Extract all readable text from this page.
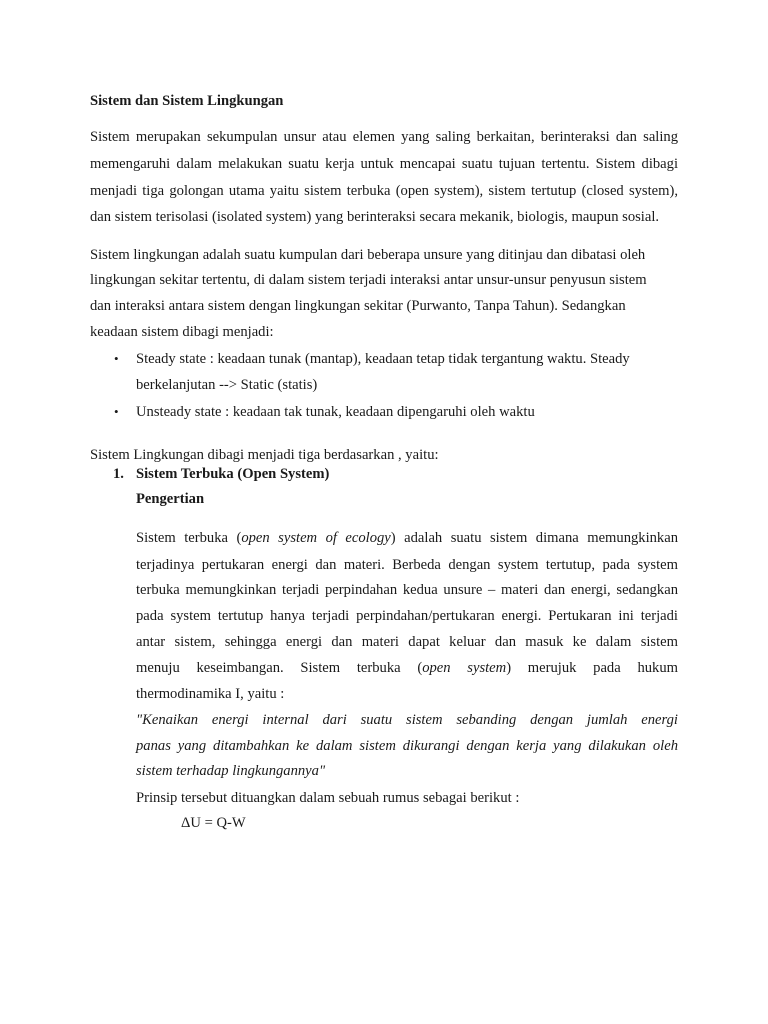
Sistem dan Sistem Lingkungan
Sistem merupakan sekumpulan unsur atau elemen yang saling berkaitan, berinteraksi dan saling
memengaruhi dalam melakukan suatu kerja untuk mencapai suatu tujuan tertentu. Sistem dibagi
menjadi tiga golongan utama yaitu sistem terbuka (open system), sistem tertutup (closed system),
dan sistem terisolasi (isolated system) yang berinteraksi secara mekanik, biologis, maupun sosial.
Sistem lingkungan adalah suatu kumpulan dari beberapa unsure yang ditinjau dan dibatasi oleh
lingkungan sekitar tertentu, di dalam sistem terjadi interaksi antar unsur-unsur penyusun sistem
dan interaksi antara sistem dengan lingkungan sekitar (Purwanto, Tanpa Tahun). Sedangkan
keadaan sistem dibagi menjadi:
• Steady state : keadaan tunak (mantap), keadaan tetap tidak tergantung waktu. Steady
berkelanjutan --> Static (statis)
• Unsteady state : keadaan tak tunak, keadaan dipengaruhi oleh waktu
Sistem Lingkungan dibagi menjadi tiga berdasarkan , yaitu:
1. Sistem Terbuka (Open System)
Pengertian
Sistem terbuka (open system of ecology) adalah suatu sistem dimana memungkinkan
terjadinya pertukaran energi dan materi. Berbeda dengan system tertutup, pada system
terbuka memungkinkan terjadi perpindahan kedua unsure – materi dan energi, sedangkan
pada system tertutup hanya terjadi perpindahan/pertukaran energi. Pertukaran ini terjadi
antar sistem, sehingga energi dan materi dapat keluar dan masuk ke dalam sistem
menuju keseimbangan. Sistem terbuka (open system) merujuk pada hukum
thermodinamika I, yaitu :
"Kenaikan energi internal dari suatu sistem sebanding dengan jumlah energi
panas yang ditambahkan ke dalam sistem dikurangi dengan kerja yang dilakukan oleh
sistem terhadap lingkungannya"
Prinsip tersebut dituangkan dalam sebuah rumus sebagai berikut :
ΔU = Q-W
